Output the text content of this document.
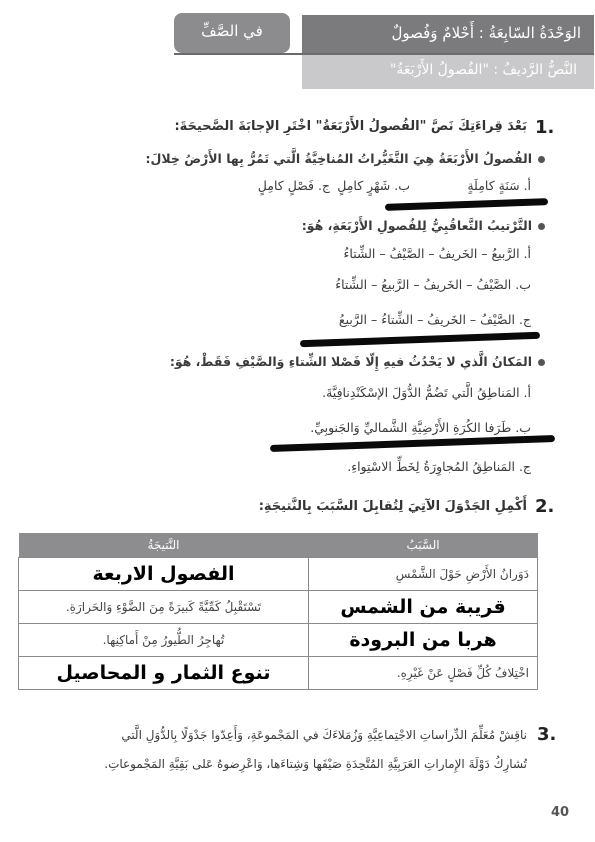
الوَحْدَةُ السّابِعَةُ : أَحْلامٌ وَفُصولٌ
النَّصُّ الرَّديفُ : "الفُصولُ الأَرْبَعَةُ"
في الصَّفِّ
1.
بَعْدَ قِراءَتِكَ نَصَّ "الفُصولُ الأَرْبَعَةُ" اخْتَرِ الإجابَةَ الصَّحيحَةَ:
الفُصولُ الأَرْبَعَةُ هِيَ التَّغَيُّراتُ المُناخِيَّةُ الَّتي تَمُرُّ بِها الأَرْضُ خِلالَ:
أ. سَنَةٍ كامِلَةٍ
ب. شَهْرٍ كامِلٍ
ج. فَصْلٍ كامِلٍ
التَّرْتيبُ التَّعاقُبِيُّ لِلفُصولِ الأَرْبَعَةِ، هُوَ:
أ. الرَّبيعُ – الخَريفُ – الصَّيْفُ – الشِّتاءُ
ب. الصَّيْفُ – الخَريفُ – الرَّبيعُ – الشِّتاءُ
ج. الصَّيْفُ – الخَريفُ – الشِّتاءُ – الرَّبيعُ
المَكانُ الَّذي لا يَحْدُثُ فيهِ إِلّا فَصْلا الشِّتاءِ وَالصَّيْفِ فَقَطْ، هُوَ:
أ. المَناطِقُ الَّتي تَضُمُّ الدُّوَلَ الإسْكَنْدِنافِيَّةَ.
ب. طَرَفا الكُرَةِ الأَرْضِيَّةِ الشَّماليِّ وَالجَنوبِيِّ.
ج. المَناطِقُ المُجاوِرَةُ لِخَطِّ الاسْتِواءِ.
2.
أَكْمِلِ الجَدْوَلَ الآتِيَ لِتُقابِلَ السَّبَبَ بِالنَّتيجَةِ:
السَّبَبُ	النَّتيجَةُ
دَوَرانُ الأَرْضِ حَوْلَ الشَّمْسِ	الفصول الاربعة
قريبة من الشمس	تَسْتَقْبِلُ كَمِّيَّةً كَبيرَةً مِنَ الضَّوْءِ وَالحَرارَةِ.
هربا من البرودة	تُهاجِرُ الطُّيورُ مِنْ أَماكِنِها.
اخْتِلافُ كُلِّ فَصْلٍ عَنْ غَيْرِهِ.	تنوع الثمار و المحاصيل
3.
ناقِشْ مُعَلِّمَ الدِّراساتِ الاجْتِماعِيَّةِ وَزُمَلاءَكَ في المَجْموعَةِ، وَأَعِدّوا جَدْوَلًا بِالدُّوَلِ الَّتي
تُشارِكُ دَوْلَةَ الإِماراتِ العَرَبِيَّةِ المُتَّحِدَةِ صَيْفَها وَشِتاءَها، وَاعْرِضوهُ عَلى بَقِيَّةِ المَجْموعاتِ.
40
